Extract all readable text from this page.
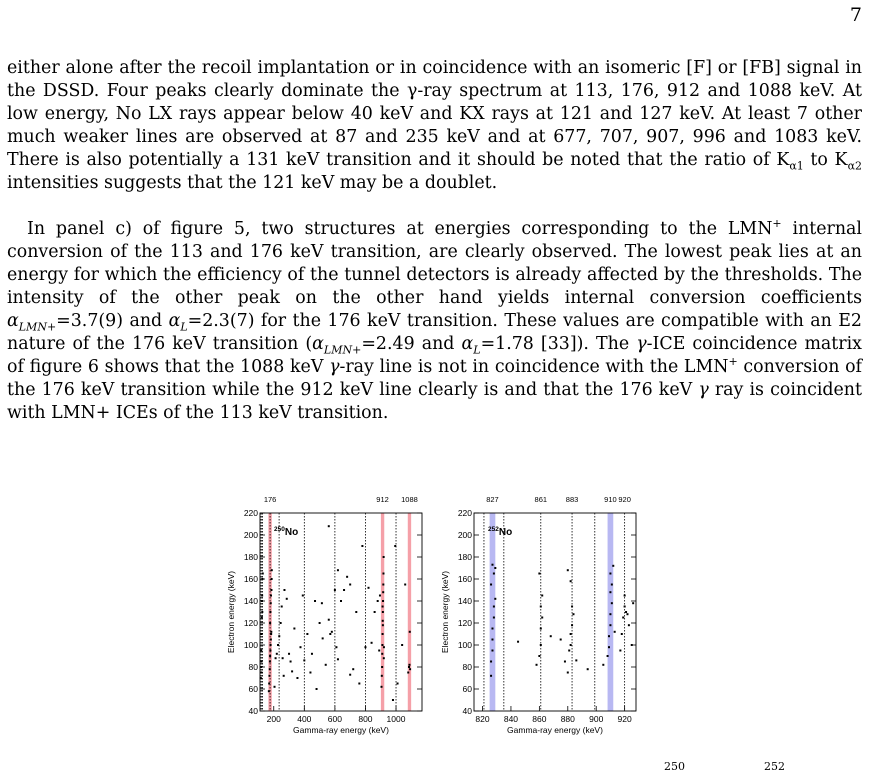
7

either alone after the recoil implantation or in coincidence with an isomeric [F] or [FB] signal in the DSSD. Four peaks clearly dominate the γ-ray spectrum at 113, 176, 912 and 1088 keV. At low energy, No LX rays appear below 40 keV and KX rays at 121 and 127 keV. At least 7 other much weaker lines are observed at 87 and 235 keV and at 677, 707, 907, 996 and 1083 keV. There is also potentially a 131 keV transition and it should be noted that the ratio of $K_{\alpha 1}$ to $K_{\alpha 2}$ intensities suggests that the 121 keV may be a doublet.

In panel c) of figure 5, two structures at energies corresponding to the LMN+ internal conversion of the 113 and 176 keV transition, are clearly observed. The lowest peak lies at an energy for which the efficiency of the tunnel detectors is already affected by the thresholds. The intensity of the other peak on the other hand yields internal conversion coefficients $\alpha_{LMN+}=3.7(9)$ and $\alpha_L=2.3(7)$ for the 176 keV transition. These values are compatible with an E2 nature of the 176 keV transition ($\alpha_{LMN+}=2.49$ and $\alpha_L=1.78$ [33]). The γ-ICE coincidence matrix of figure 6 shows that the 1088 keV γ-ray line is not in coincidence with the LMN+ conversion of the 176 keV transition while the 912 keV line clearly is and that the 176 keV γ ray is coincident with LMN+ ICEs of the 113 keV transition.

40
60
80
100
120
140
160
180
200
220
200 400 600 800 1000
176	912 1088
Gamma-ray energy (keV)
Electron energy (keV)
$^{250}$No
40
60
80
100
120
140
160
180
200
220
820 840 860 880 900 920
827	861 883	910 920
Gamma-ray energy (keV)
Electron energy (keV)
$^{252}$No
250	252
